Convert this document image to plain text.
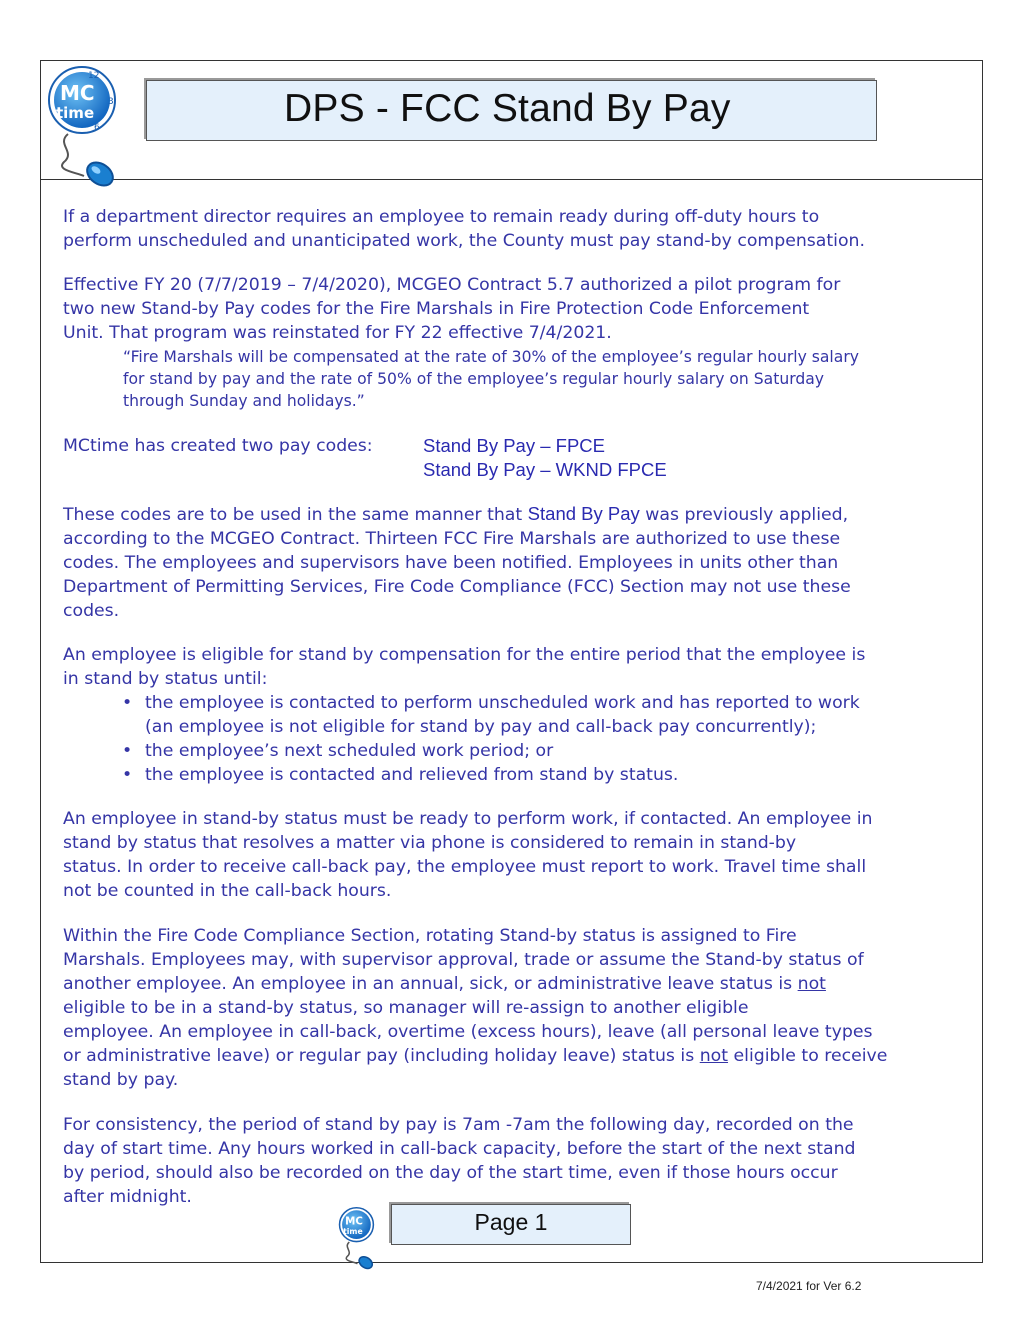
12
3
6
MC
time	DPS - FCC Stand By Pay

If a department director requires an employee to remain ready during off-duty hours to
perform unscheduled and unanticipated work, the County must pay stand-by compensation.

Effective FY 20 (7/7/2019 – 7/4/2020), MCGEO Contract 5.7 authorized a pilot program for
two new Stand-by Pay codes for the Fire Marshals in Fire Protection Code Enforcement
Unit. That program was reinstated for FY 22 effective 7/4/2021.

“Fire Marshals will be compensated at the rate of 30% of the employee’s regular hourly salary
for stand by pay and the rate of 50% of the employee’s regular hourly salary on Saturday
through Sunday and holidays.”

MCtime has created two pay codes:	Stand By Pay – FPCE

Stand By Pay – WKND FPCE

These codes are to be used in the same manner that Stand By Pay was previously applied,
according to the MCGEO Contract. Thirteen FCC Fire Marshals are authorized to use these
codes. The employees and supervisors have been notified. Employees in units other than
Department of Permitting Services, Fire Code Compliance (FCC) Section may not use these
codes.

An employee is eligible for stand by compensation for the entire period that the employee is
in stand by status until:

• the employee is contacted to perform unscheduled work and has reported to work
(an employee is not eligible for stand by pay and call-back pay concurrently);
• the employee’s next scheduled work period; or
• the employee is contacted and relieved from stand by status.

An employee in stand-by status must be ready to perform work, if contacted. An employee in
stand by status that resolves a matter via phone is considered to remain in stand-by
status. In order to receive call-back pay, the employee must report to work. Travel time shall
not be counted in the call-back hours.

Within the Fire Code Compliance Section, rotating Stand-by status is assigned to Fire
Marshals. Employees may, with supervisor approval, trade or assume the Stand-by status of
another employee. An employee in an annual, sick, or administrative leave status is not
eligible to be in a stand-by status, so manager will re-assign to another eligible
employee. An employee in call-back, overtime (excess hours), leave (all personal leave types
or administrative leave) or regular pay (including holiday leave) status is not eligible to receive
stand by pay.

For consistency, the period of stand by pay is 7am -7am the following day, recorded on the
day of start time. Any hours worked in call-back capacity, before the start of the next stand
by period, should also be recorded on the day of the start time, even if those hours occur
after midnight.

MC
time	Page 1
7/4/2021 for Ver 6.2
